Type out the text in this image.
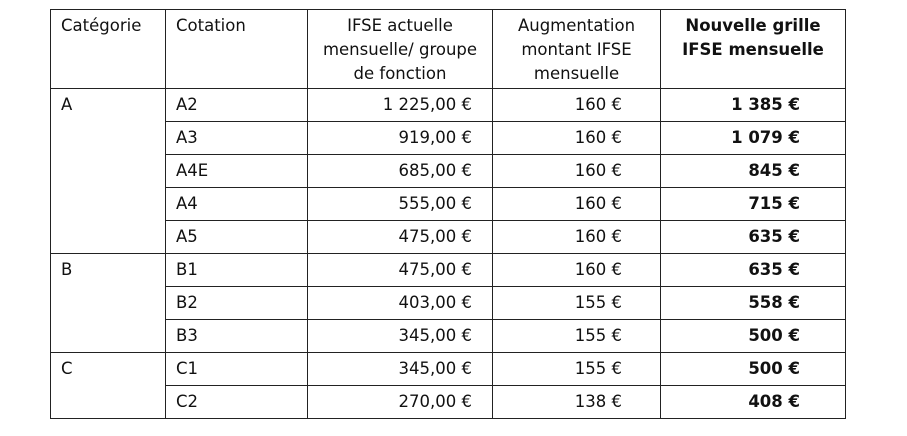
Catégorie	Cotation	IFSE actuelle mensuelle/ groupe de fonction	Augmentation montant IFSE mensuelle	Nouvelle grille IFSE mensuelle
A	A2	1 225,00 €	160 €	1 385 €
	A3	919,00 €	160 €	1 079 €
	A4E	685,00 €	160 €	845 €
	A4	555,00 €	160 €	715 €
	A5	475,00 €	160 €	635 €
B	B1	475,00 €	160 €	635 €
	B2	403,00 €	155 €	558 €
	B3	345,00 €	155 €	500 €
C	C1	345,00 €	155 €	500 €
	C2	270,00 €	138 €	408 €
